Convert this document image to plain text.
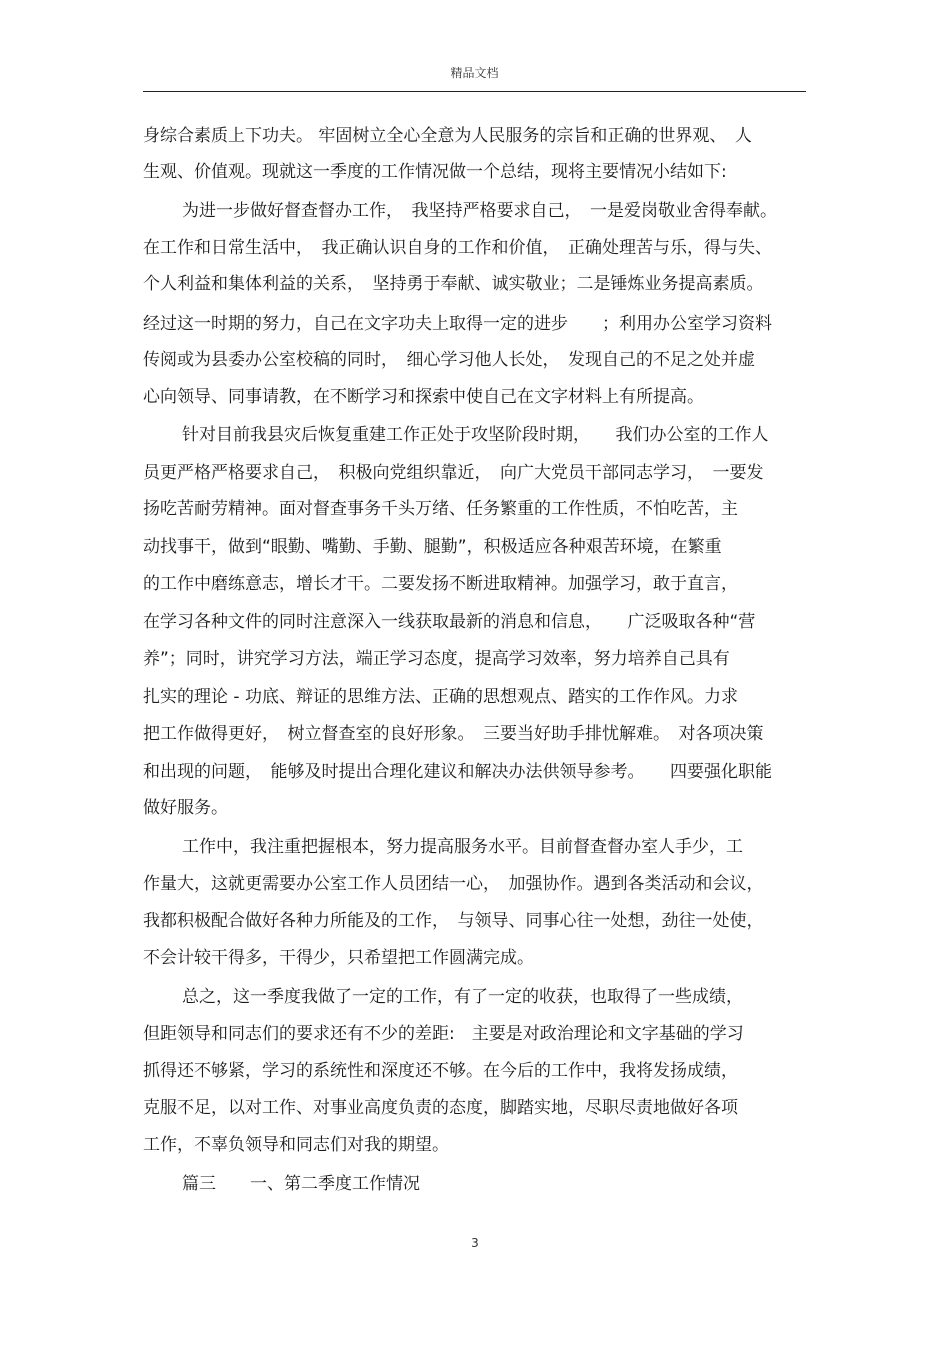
精品文档
身综合素质上下功夫。 牢固树立全心全意为人民服务的宗旨和正确的世界观、　人
生观、价值观。现就这一季度的工作情况做一个总结，现将主要情况小结如下:
为进一步做好督查督办工作，　我坚持严格要求自己，　一是爱岗敬业舍得奉献。
在工作和日常生活中，　我正确认识自身的工作和价值，　正确处理苦与乐，得与失、
个人利益和集体利益的关系，　坚持勇于奉献、诚实敬业；二是锤炼业务提高素质。
经过这一时期的努力，自己在文字功夫上取得一定的进步　　；利用办公室学习资料
传阅或为县委办公室校稿的同时，　细心学习他人长处，　发现自己的不足之处并虚
心向领导、同事请教，在不断学习和探索中使自己在文字材料上有所提高。
针对目前我县灾后恢复重建工作正处于攻坚阶段时期，　　我们办公室的工作人
员更严格严格要求自己，　积极向党组织靠近，　向广大党员干部同志学习，　一要发
扬吃苦耐劳精神。面对督查事务千头万绪、任务繁重的工作性质，不怕吃苦，主
动找事干，做到“眼勤、嘴勤、手勤、腿勤”，积极适应各种艰苦环境，在繁重
的工作中磨练意志，增长才干。二要发扬不断进取精神。加强学习，敢于直言，
在学习各种文件的同时注意深入一线获取最新的消息和信息，　　广泛吸取各种“营
养”；同时，讲究学习方法，端正学习态度，提高学习效率，努力培养自己具有
扎实的理论 - 功底、辩证的思维方法、正确的思想观点、踏实的工作作风。力求
把工作做得更好，　树立督查室的良好形象。　三要当好助手排忧解难。　对各项决策
和出现的问题，　能够及时提出合理化建议和解决办法供领导参考。　　四要强化职能
做好服务。
工作中，我注重把握根本，努力提高服务水平。目前督查督办室人手少，工
作量大，这就更需要办公室工作人员团结一心，　加强协作。遇到各类活动和会议，
我都积极配合做好各种力所能及的工作，　与领导、同事心往一处想，劲往一处使，
不会计较干得多，干得少，只希望把工作圆满完成。
总之，这一季度我做了一定的工作，有了一定的收获，也取得了一些成绩，
但距领导和同志们的要求还有不少的差距:　主要是对政治理论和文字基础的学习
抓得还不够紧，学习的系统性和深度还不够。在今后的工作中，我将发扬成绩，
克服不足，以对工作、对事业高度负责的态度，脚踏实地，尽职尽责地做好各项
工作，不辜负领导和同志们对我的期望。
篇三　　一、第二季度工作情况
3
